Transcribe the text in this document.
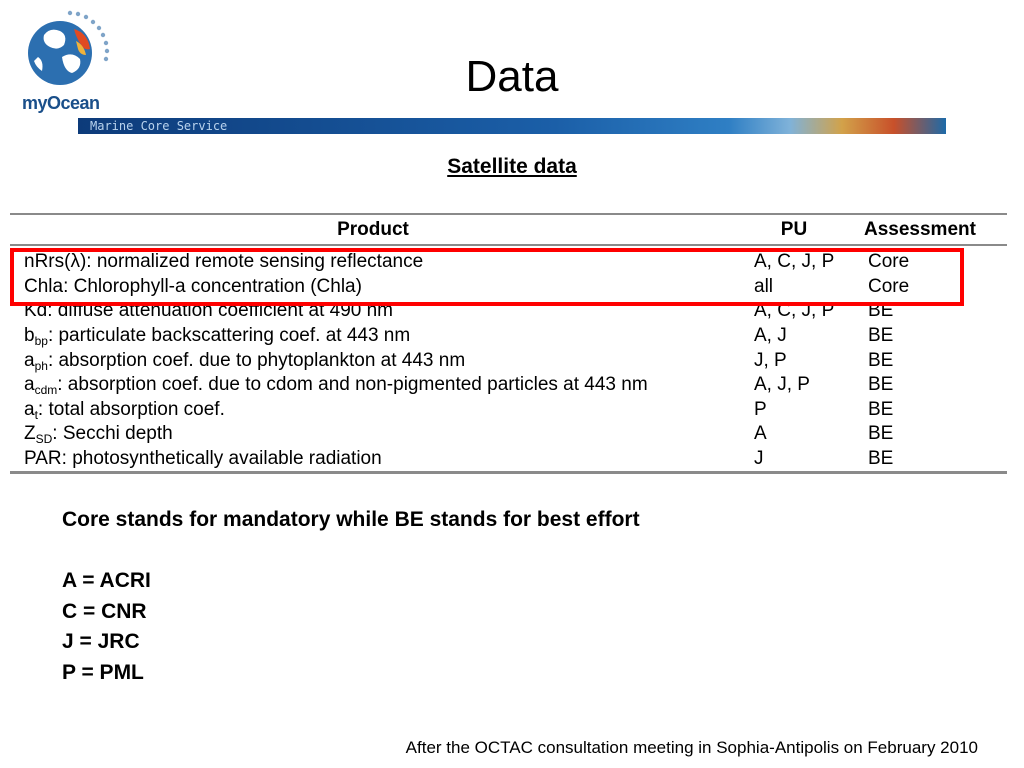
myOcean
Data
Marine Core Service
Satellite data
Product	PU	Assessment
nRrs(λ): normalized remote sensing reflectance	A, C, J, P	Core
Chla: Chlorophyll-a concentration (Chla)	all	Core
Kd: diffuse attenuation coefficient at 490 nm	A, C, J, P	BE
$b_{bp}$: particulate backscattering coef. at 443 nm	A, J	BE
$a_{ph}$: absorption coef. due to phytoplankton at 443 nm	J, P	BE
$a_{cdm}$: absorption coef. due to cdom and non-pigmented particles at 443 nm	A, J, P	BE
$a_t$: total absorption coef.	P	BE
$Z_{SD}$: Secchi depth	A	BE
PAR: photosynthetically available radiation	J	BE
Core stands for mandatory while BE stands for best effort
A = ACRI
C = CNR
J = JRC
P = PML
After the OCTAC consultation meeting in Sophia-Antipolis on February 2010
